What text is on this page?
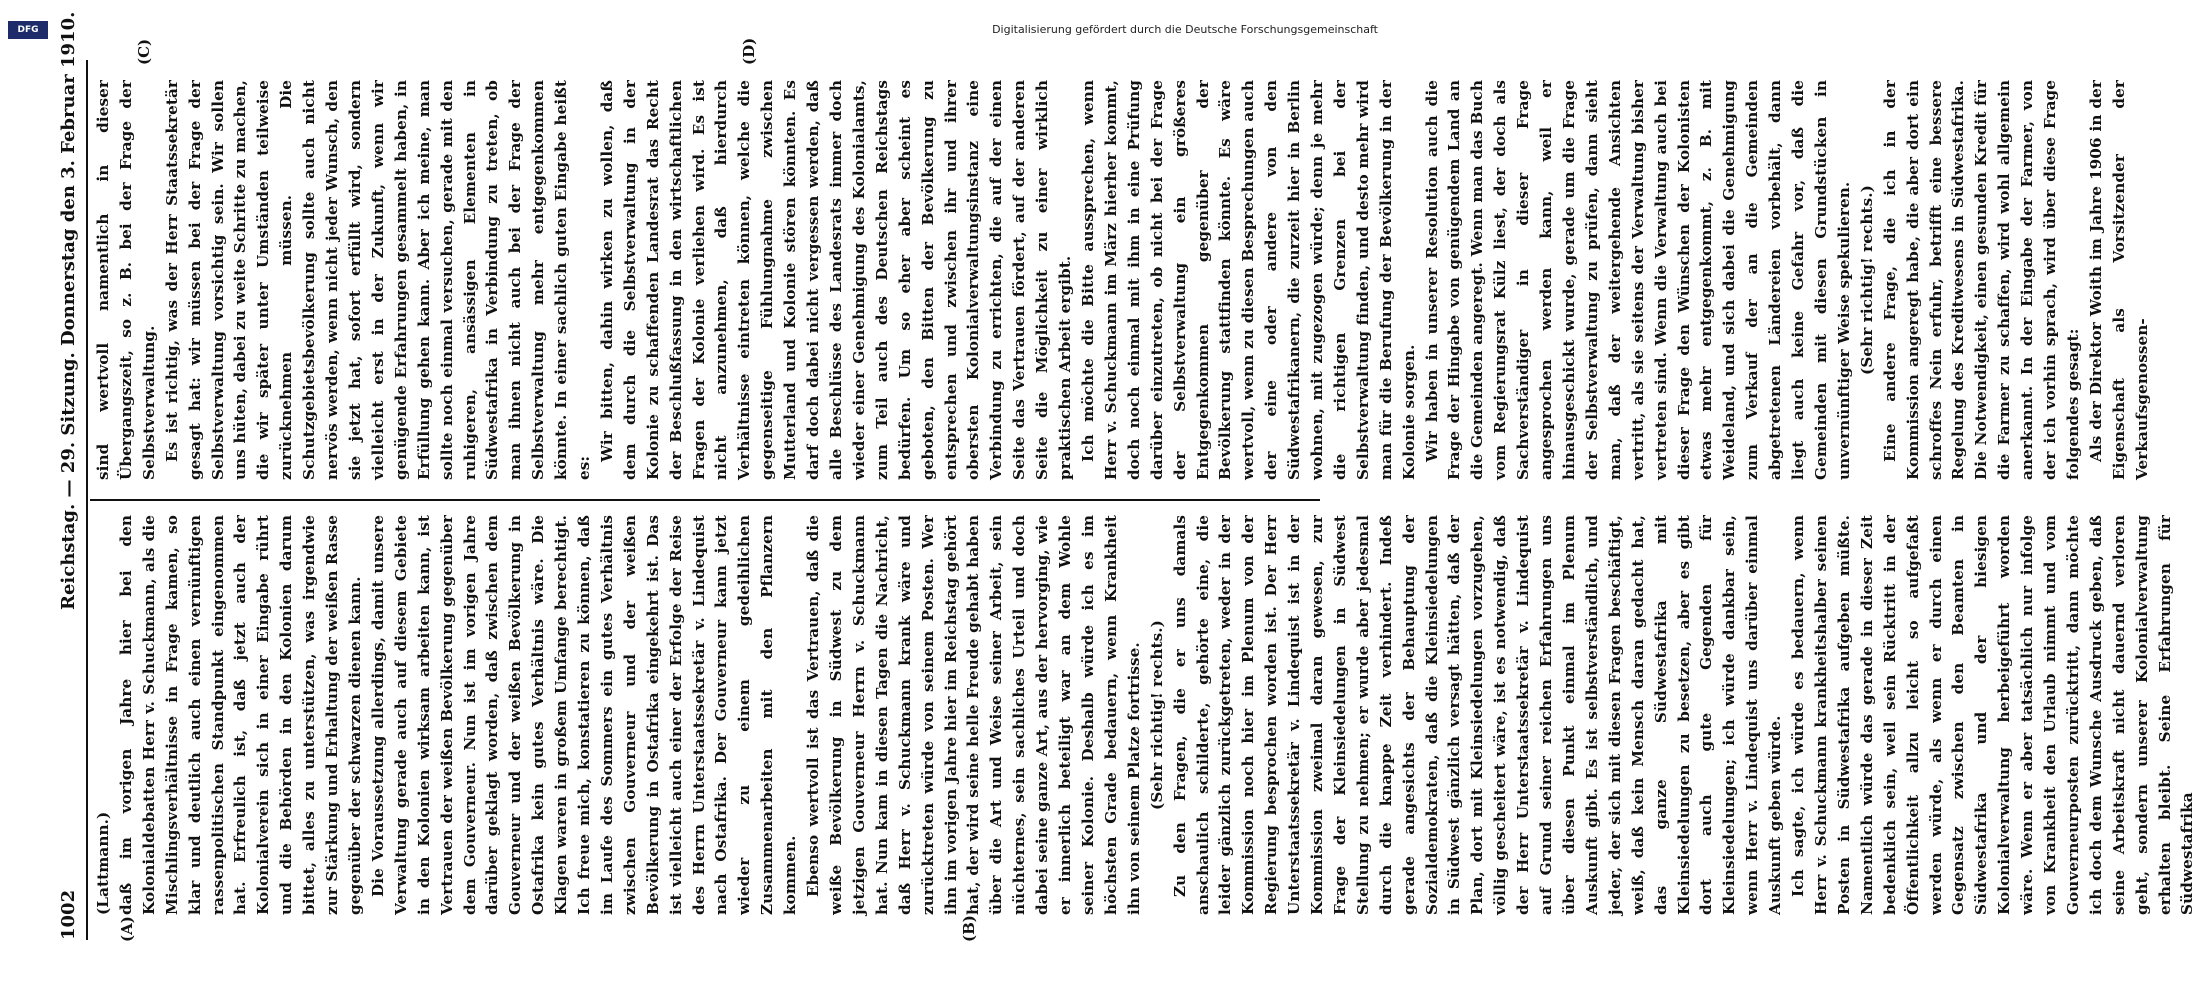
1002
Reichstag. — 29. Sitzung. Donnerstag den 3. Februar 1910.
(A)	(B)
(C)	(D)

(Lattmann.) daß im vorigen Jahre hier bei den Kolonialdebatten Herr v. Schuckmann, als die Mischlingsverhältnisse in Frage kamen, so klar und deutlich auch einen vernünftigen rassenpolitischen Standpunkt eingenommen hat. Erfreulich ist, daß jetzt auch der Kolonialverein sich in einer Eingabe rührt und die Behörden in den Kolonien darum bittet, alles zu unterstützen, was irgendwie zur Stärkung und Erhaltung der weißen Rasse gegenüber der schwarzen dienen kann. Die Voraussetzung allerdings, damit unsere Verwaltung gerade auch auf diesem Gebiete in den Kolonien wirksam arbeiten kann, ist Vertrauen der weißen Bevölkerung gegenüber dem Gouverneur. Nun ist im vorigen Jahre darüber geklagt worden, daß zwischen dem Gouverneur und der weißen Bevölkerung in Ostafrika kein gutes Verhältnis wäre. Die Klagen waren in großem Umfange berechtigt. Ich freue mich, konstatieren zu können, daß im Laufe des Sommers ein gutes Verhältnis zwischen Gouverneur und der weißen Bevölkerung in Ostafrika eingekehrt ist. Das ist vielleicht auch einer der Erfolge der Reise des Herrn Unterstaatssekretär v. Lindequist nach Ostafrika. Der Gouverneur kann jetzt wieder zu einem gedeihlichen Zusammenarbeiten mit den Pflanzern kommen. Ebenso wertvoll ist das Vertrauen, daß die weiße Bevölkerung in Südwest zu dem jetzigen Gouverneur Herrn v. Schuckmann hat. Nun kam in diesen Tagen die Nachricht, daß Herr v. Schuckmann krank wäre und zurücktreten würde von seinem Posten. Wer ihn im vorigen Jahre hier im Reichstag gehört hat, der wird seine helle Freude gehabt haben über die Art und Weise seiner Arbeit, sein nüchternes, sein sachliches Urteil und doch dabei seine ganze Art, aus der hervorging, wie er innerlich beteiligt war an dem Wohle seiner Kolonie. Deshalb würde ich es im höchsten Grade bedauern, wenn Krankheit ihn von seinem Platze fortrisse. (Sehr richtig! rechts.) Zu den Fragen, die er uns damals anschaulich schilderte, gehörte eine, die leider gänzlich zurückgetreten, weder in der Kommission noch hier im Plenum von der Regierung besprochen worden ist. Der Herr Unterstaatssekretär v. Lindequist ist in der Kommission zweimal daran gewesen, zur Frage der Kleinsiedelungen in Südwest Stellung zu nehmen; er wurde aber jedesmal durch die knappe Zeit verhindert. Indeß gerade angesichts der Behauptung der Sozialdemokraten, daß die Kleinsiedelungen in Südwest gänzlich versagt hätten, daß der Plan, dort mit Kleinsiedelungen vorzugehen, völlig gescheitert wäre, ist es notwendig, daß der Herr Unterstaatssekretär v. Lindequist auf Grund seiner reichen Erfahrungen uns über diesen Punkt einmal im Plenum Auskunft gibt. Es ist selbstverständlich, und jeder, der sich mit diesen Fragen beschäftigt, weiß, daß kein Mensch daran gedacht hat, das ganze Südwestafrika mit Kleinsiedelungen zu besetzen, aber es gibt dort auch gute Gegenden für Kleinsiedelungen; ich würde dankbar sein, wenn Herr v. Lindequist uns darüber einmal Auskunft geben würde. Ich sagte, ich würde es bedauern, wenn Herr v. Schuckmann krankheitshalber seinen Posten in Südwestafrika aufgeben müßte. Namentlich würde das gerade in dieser Zeit bedenklich sein, weil sein Rücktritt in der Öffentlichkeit allzu leicht so aufgefaßt werden würde, als wenn er durch einen Gegensatz zwischen den Beamten in Südwestafrika und der hiesigen Kolonialverwaltung herbeigeführt worden wäre. Wenn er aber tatsächlich nur infolge von Krankheit den Urlaub nimmt und vom Gouverneurposten zurücktritt, dann möchte ich doch dem Wunsche Ausdruck geben, daß seine Arbeitskraft nicht dauernd verloren geht, sondern unserer Kolonialverwaltung erhalten bleibt. Seine Erfahrungen für Südwestafrika

sind wertvoll namentlich in dieser Übergangszeit, so z. B. bei der Frage der Selbstverwaltung. Es ist richtig, was der Herr Staatssekretär gesagt hat: wir müssen bei der Frage der Selbstverwaltung vorsichtig sein. Wir sollen uns hüten, dabei zu weite Schritte zu machen, die wir später unter Umständen teilweise zurücknehmen müssen. Die Schutzgebietsbevölkerung sollte auch nicht nervös werden, wenn nicht jeder Wunsch, den sie jetzt hat, sofort erfüllt wird, sondern vielleicht erst in der Zukunft, wenn wir genügende Erfahrungen gesammelt haben, in Erfüllung gehen kann. Aber ich meine, man sollte noch einmal versuchen, gerade mit den ruhigeren, ansässigen Elementen in Südwestafrika in Verbindung zu treten, ob man ihnen nicht auch bei der Frage der Selbstverwaltung mehr entgegenkommen könnte. In einer sachlich guten Eingabe heißt es:

Wir bitten, dahin wirken zu wollen, daß dem durch die Selbstverwaltung in der Kolonie zu schaffenden Landesrat das Recht der Beschlußfassung in den wirtschaftlichen Fragen der Kolonie verliehen wird. Es ist nicht anzunehmen, daß hierdurch Verhältnisse eintreten können, welche die gegenseitige Fühlungnahme zwischen Mutterland und Kolonie stören könnten. Es darf doch dabei nicht vergessen werden, daß alle Beschlüsse des Landesrats immer doch wieder einer Genehmigung des Kolonialamts, zum Teil auch des Deutschen Reichstags bedürfen. Um so eher aber scheint es geboten, den Bitten der Bevölkerung zu entsprechen und zwischen ihr und ihrer obersten Kolonialverwaltungsinstanz eine Verbindung zu errichten, die auf der einen Seite das Vertrauen fördert, auf der anderen Seite die Möglichkeit zu einer wirklich praktischen Arbeit ergibt. Ich möchte die Bitte aussprechen, wenn Herr v. Schuckmann im März hierher kommt, doch noch einmal mit ihm in eine Prüfung darüber einzutreten, ob nicht bei der Frage der Selbstverwaltung ein größeres Entgegenkommen gegenüber der Bevölkerung stattfinden könnte. Es wäre wertvoll, wenn zu diesen Besprechungen auch der eine oder andere von den Südwestafrikanern, die zurzeit hier in Berlin wohnen, mit zugezogen würde; denn je mehr die richtigen Grenzen bei der Selbstverwaltung finden, und desto mehr wird man für die Berufung der Bevölkerung in der Kolonie sorgen. Wir haben in unserer Resolution auch die Frage der Hingabe von genügendem Land an die Gemeinden angeregt. Wenn man das Buch vom Regierungsrat Külz liest, der doch als Sachverständiger in dieser Frage angesprochen werden kann, weil er hinausgeschickt wurde, gerade um die Frage der Selbstverwaltung zu prüfen, dann sieht man, daß der weitergehende Ansichten vertritt, als sie seitens der Verwaltung bisher vertreten sind. Wenn die Verwaltung auch bei dieser Frage den Wünschen der Kolonisten etwas mehr entgegenkommt, z. B. mit Weideland, und sich dabei die Genehmigung zum Verkauf der an die Gemeinden abgetretenen Ländereien vorbehält, dann liegt auch keine Gefahr vor, daß die Gemeinden mit diesen Grundstücken in unvernünftiger Weise spekulieren. (Sehr richtig! rechts.) Eine andere Frage, die ich in der Kommission angeregt habe, die aber dort ein schroffes Nein erfuhr, betrifft eine bessere Regelung des Kreditwesens in Südwestafrika. Die Notwendigkeit, einen gesunden Kredit für die Farmer zu schaffen, wird wohl allgemein anerkannt. In der Eingabe der Farmer, von der ich vorhin sprach, wird über diese Frage folgendes gesagt: Als der Direktor Woith im Jahre 1906 in der Eigenschaft als Vorsitzender der Verkaufsgenossen-

DFG	Digitalisierung gefördert durch die Deutsche Forschungsgemeinschaft
